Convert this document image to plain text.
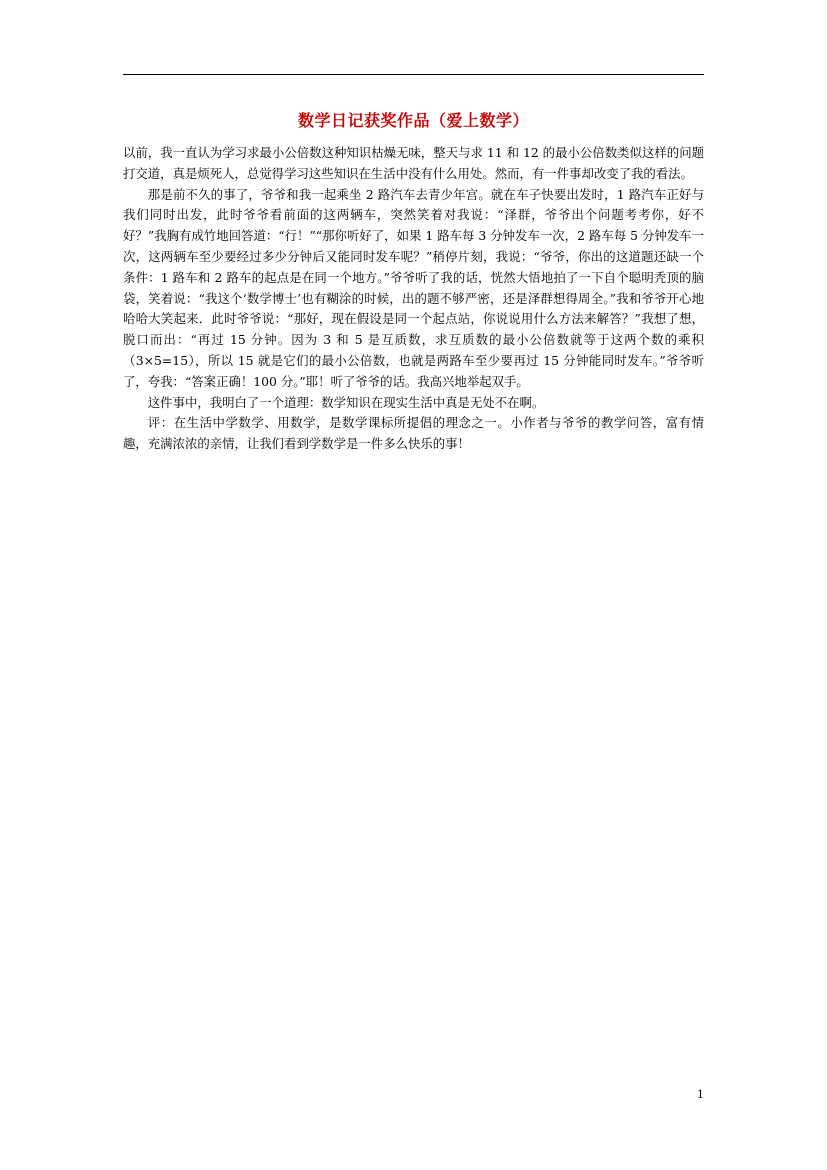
数学日记获奖作品（爱上数学）

以前，我一直认为学习求最小公倍数这种知识枯燥无味，整天与求 11 和 12 的最小公倍数类似这样的问题打交道，真是烦死人，总觉得学习这些知识在生活中没有什么用处。然而，有一件事却改变了我的看法。

那是前不久的事了，爷爷和我一起乘坐 2 路汽车去青少年宫。就在车子快要出发时，1 路汽车正好与我们同时出发，此时爷爷看前面的这两辆车，突然笑着对我说：“泽群，爷爷出个问题考考你，好不好？”我胸有成竹地回答道：“行！”“那你听好了，如果 1 路车每 3 分钟发车一次，2 路车每 5 分钟发车一次，这两辆车至少要经过多少分钟后又能同时发车呢？”稍停片刻，我说：“爷爷，你出的这道题还缺一个条件：1 路车和 2 路车的起点是在同一个地方。”爷爷听了我的话，恍然大悟地拍了一下自个聪明秃顶的脑袋，笑着说：“我这个‘数学博士’也有糊涂的时候，出的题不够严密，还是泽群想得周全。”我和爷爷开心地哈哈大笑起来．此时爷爷说：“那好，现在假设是同一个起点站，你说说用什么方法来解答？”我想了想，脱口而出：“再过 15 分钟。因为 3 和 5 是互质数，求互质数的最小公倍数就等于这两个数的乘积（3×5=15），所以 15 就是它们的最小公倍数，也就是两路车至少要再过 15 分钟能同时发车。”爷爷听了，夸我：“答案正确！100 分。”耶！听了爷爷的话。我高兴地举起双手。

这件事中，我明白了一个道理：数学知识在现实生活中真是无处不在啊。

评：在生活中学数学、用数学，是数学课标所提倡的理念之一。小作者与爷爷的教学问答，富有情趣，充满浓浓的亲情，让我们看到学数学是一件多么快乐的事！

1
